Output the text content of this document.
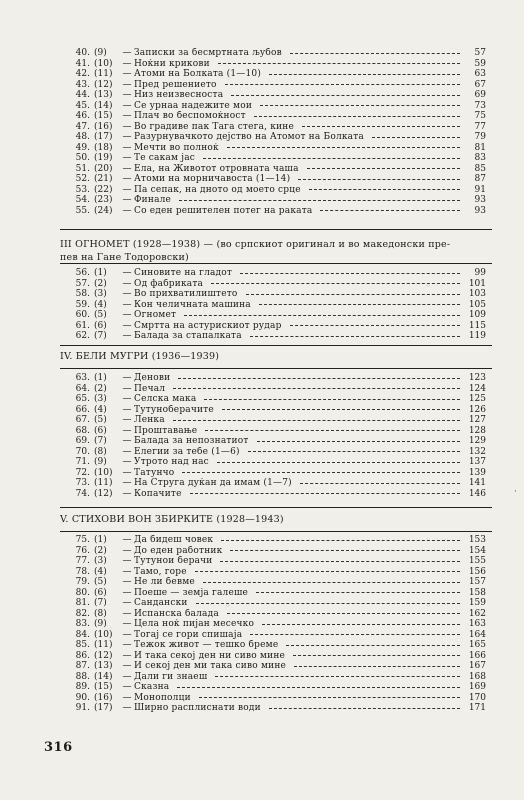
40. (9)	— Записки за бесмртната љубов	57
41. (10)	— Ноќни крикови	59
42. (11)	— Атоми на Болката (1—10)	63
43. (12)	— Пред решението	67
44. (13)	— Низ неизвесноста	69
45. (14)	— Се урнаа надежите мои	73
46. (15)	— Плач во беспомоќност	75
47. (16)	— Во градиве пак Тага стега, кине	77
48. (17)	— Разурнувачкото дејство на Атомот на Болката	79
49. (18)	— Мечти во полноќ	81
50. (19)	— Те сакам јас	83
51. (20)	— Ела, на Животот отровната чаша	85
52. (21)	— Атоми на морничавоста (1—14)	87
53. (22)	— Па сепак, на дното од моето срце	91
54. (23)	— Финале	93
55. (24)	— Со еден решителен потег на раката	93
III ОГНОМЕТ (1928—1938) — (во српскиот оригинал и во македонски пре-
пев на Гане Тодоровски)
56. (1)	— Синовите на гладот	99
57. (2)	— Од фабриката	101
58. (3)	— Во прихватилиштето	103
59. (4)	— Кон челичната машина	105
60. (5)	— Огномет	109
61. (6)	— Смртта на астурискиот рудар	115
62. (7)	— Балада за стапалката	119
IV. БЕЛИ МУГРИ (1936—1939)
63. (1)	— Денови	123
64. (2)	— Печал	124
65. (3)	— Селска мака	125
66. (4)	— Тутуноберачите	126
67. (5)	— Ленка	127
68. (6)	— Проштавање	128
69. (7)	— Балада за непознатиот	129
70. (8)	— Елегии за тебе (1—6)	132
71. (9)	— Утрото над нас	137
72. (10)	— Татунчо	139
73. (11)	— На Струга дуќан да имам (1—7)	141
74. (12)	— Копачите	146
V. СТИХОВИ ВОН ЗБИРКИТЕ (1928—1943)
75. (1)	— Да бидеш човек	153
76. (2)	— До еден работник	154
77. (3)	— Тутунои берачи	155
78. (4)	— Тамо, горе	156
79. (5)	— Не ли бевме	157
80. (6)	— Поеше — земја галеше	158
81. (7)	— Сандански	159
82. (8)	— Испанска балада	162
83. (9)	— Цела ноќ пијан месечко	163
84. (10)	— Тогај се гори спишаја	164
85. (11)	— Тежок живот — тешко бреме	165
86. (12)	— И така секој ден ни сиво мине	166
87. (13)	— И секој ден ми така сиво мине	167
88. (14)	— Дали ги знаеш	168
89. (15)	— Сказна	169
90. (16)	— Монополци	170
91. (17)	— Ширно расплиснати води	171
316
·
